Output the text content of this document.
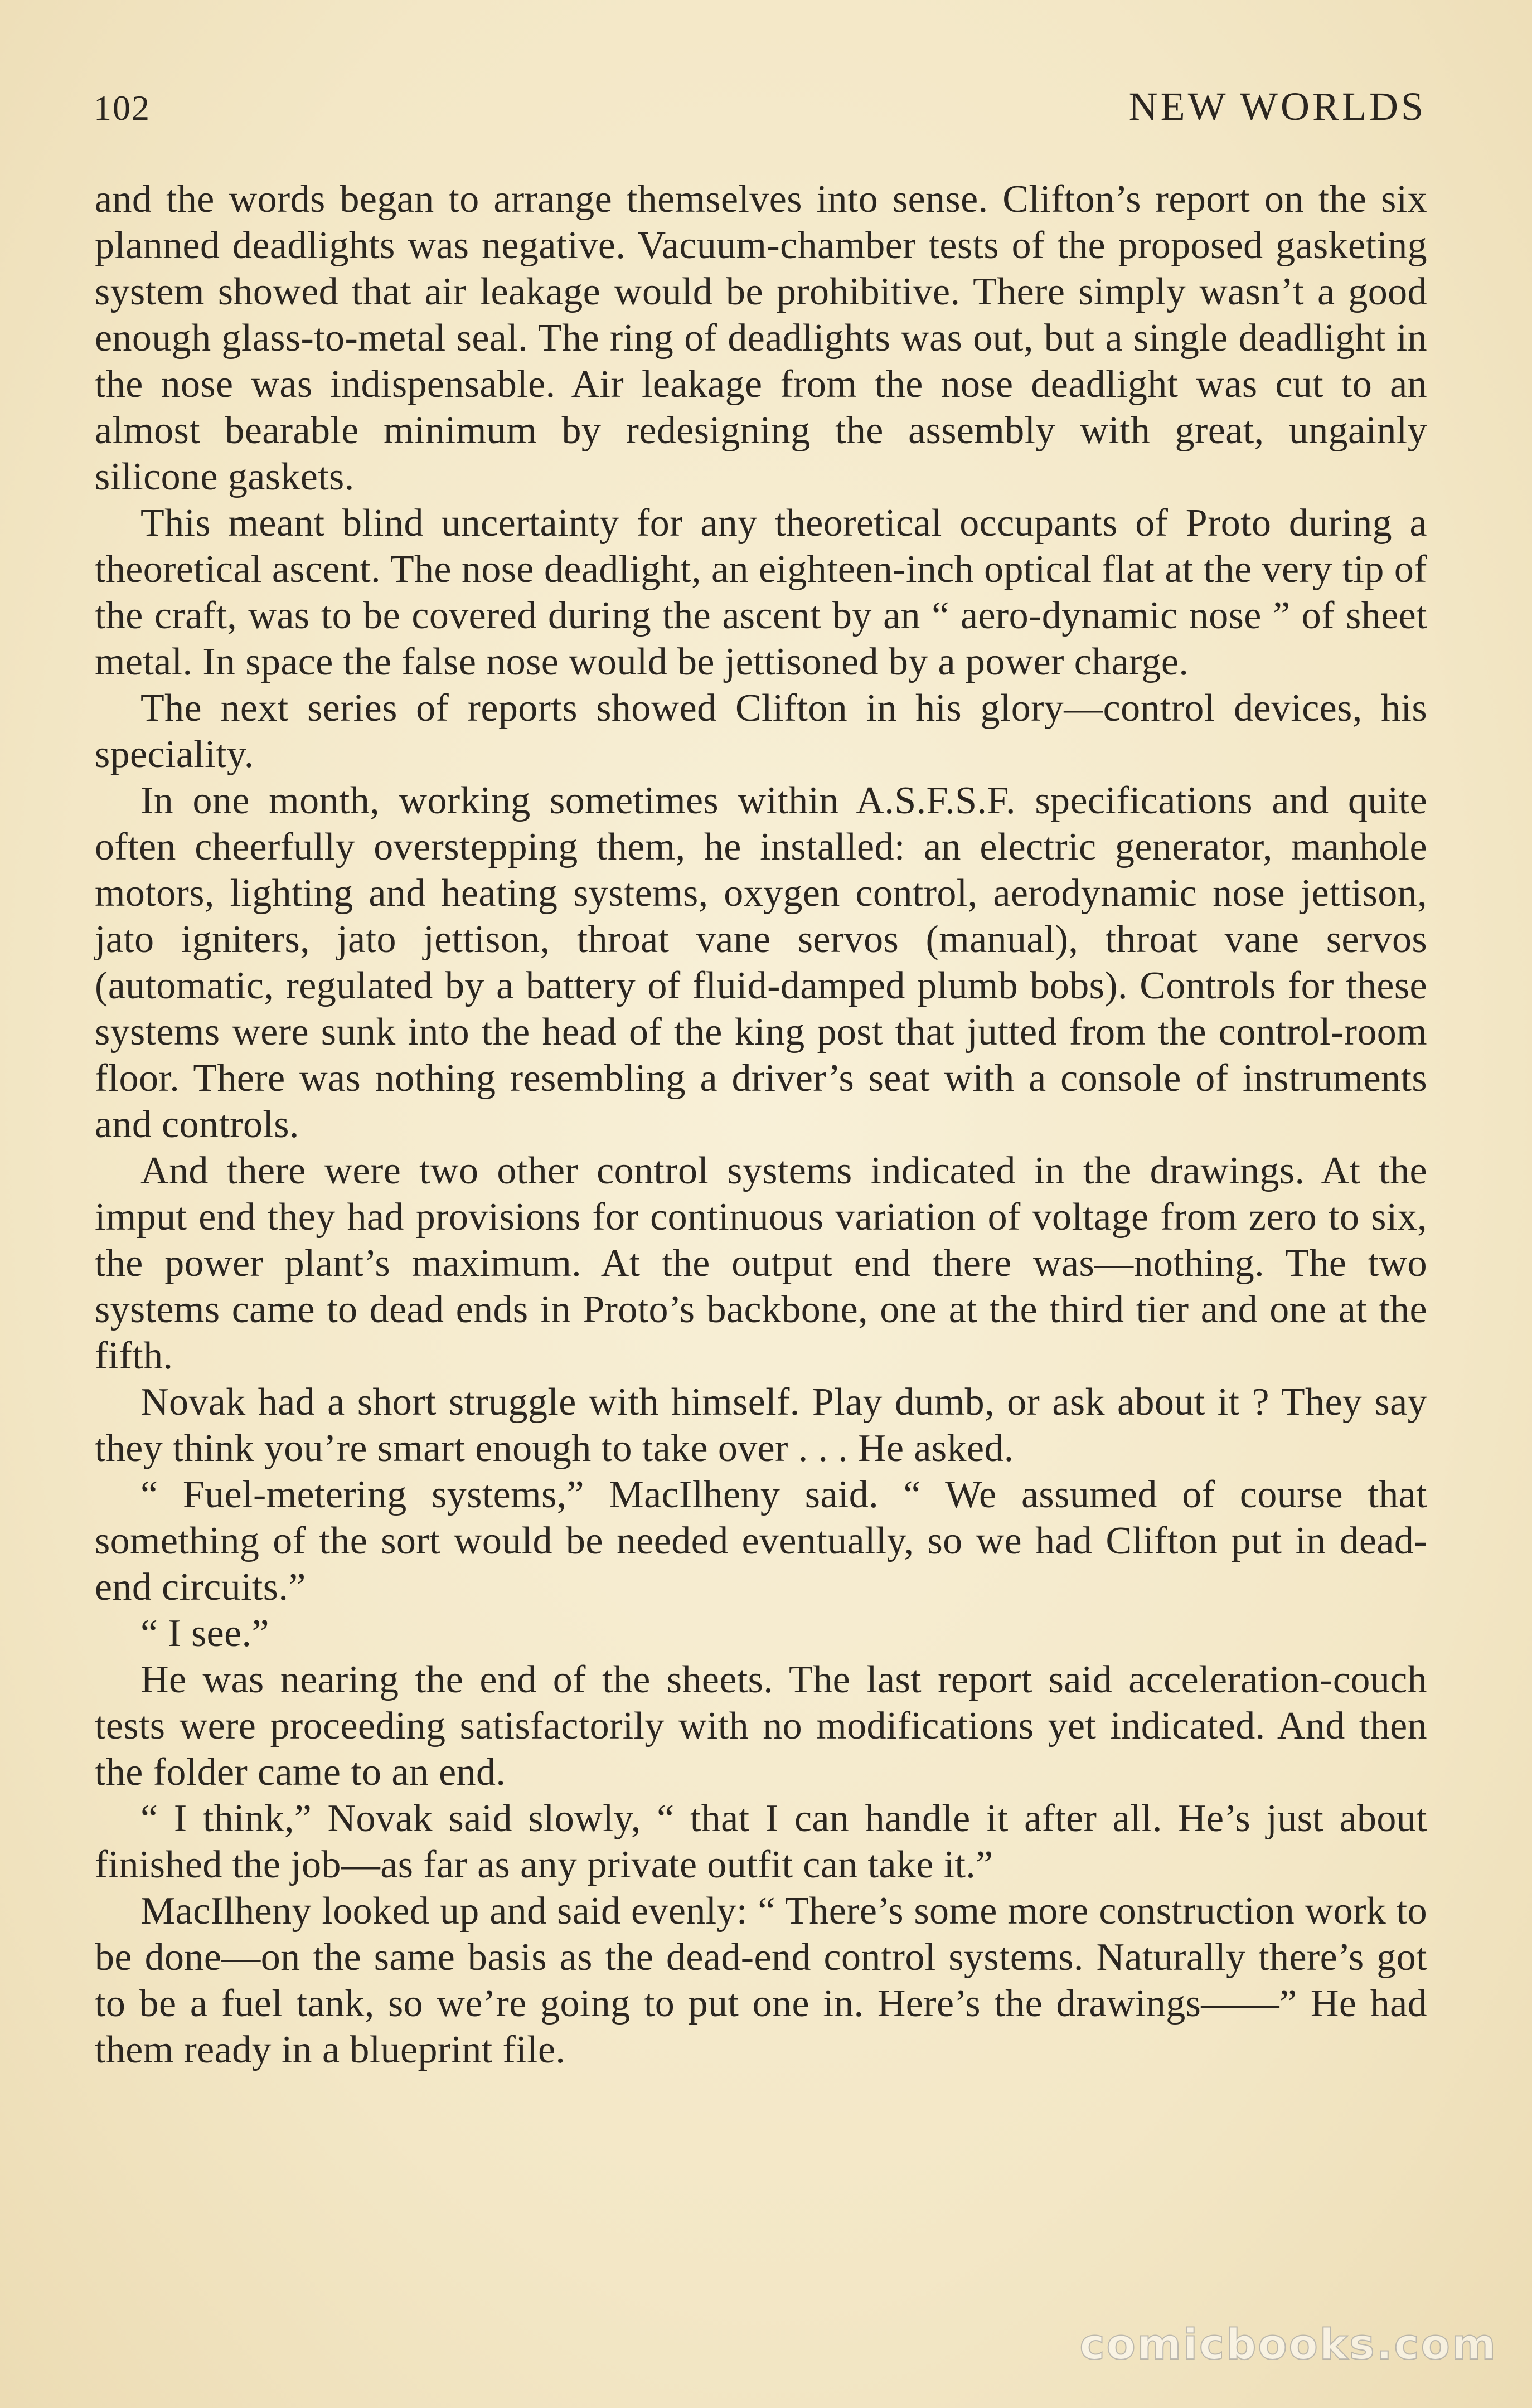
102	NEW WORLDS

and the words began to arrange themselves into sense. Clifton’s report on the six planned deadlights was negative. Vacuum-chamber tests of the proposed gasketing system showed that air leakage would be prohibitive. There simply wasn’t a good enough glass-to-metal seal. The ring of deadlights was out, but a single deadlight in the nose was indispensable. Air leakage from the nose deadlight was cut to an almost bearable minimum by redesigning the assembly with great, ungainly silicone gaskets.

This meant blind uncertainty for any theoretical occupants of Proto during a theoretical ascent. The nose deadlight, an eighteen-inch optical flat at the very tip of the craft, was to be covered during the ascent by an “ aero-dynamic nose ” of sheet metal. In space the false nose would be jettisoned by a power charge.

The next series of reports showed Clifton in his glory—control devices, his speciality.

In one month, working sometimes within A.S.F.S.F. specifications and quite often cheerfully overstepping them, he installed: an electric generator, manhole motors, lighting and heating systems, oxygen control, aerodynamic nose jettison, jato igniters, jato jettison, throat vane servos (manual), throat vane servos (automatic, regulated by a battery of fluid-damped plumb bobs). Controls for these systems were sunk into the head of the king post that jutted from the control-room floor. There was nothing resembling a driver’s seat with a console of instruments and controls.

And there were two other control systems indicated in the drawings. At the imput end they had provisions for continuous variation of voltage from zero to six, the power plant’s maximum. At the output end there was—nothing. The two systems came to dead ends in Proto’s backbone, one at the third tier and one at the fifth.

Novak had a short struggle with himself. Play dumb, or ask about it ? They say they think you’re smart enough to take over . . . He asked.

“ Fuel-metering systems,” MacIlheny said. “ We assumed of course that something of the sort would be needed eventually, so we had Clifton put in dead-end circuits.”

“ I see.”

He was nearing the end of the sheets. The last report said acceleration-couch tests were proceeding satisfactorily with no modifications yet indicated. And then the folder came to an end.

“ I think,” Novak said slowly, “ that I can handle it after all. He’s just about finished the job—as far as any private outfit can take it.”

MacIlheny looked up and said evenly: “ There’s some more construction work to be done—on the same basis as the dead-end control systems. Naturally there’s got to be a fuel tank, so we’re going to put one in. Here’s the drawings——” He had them ready in a blueprint file.

comicbooks.com
